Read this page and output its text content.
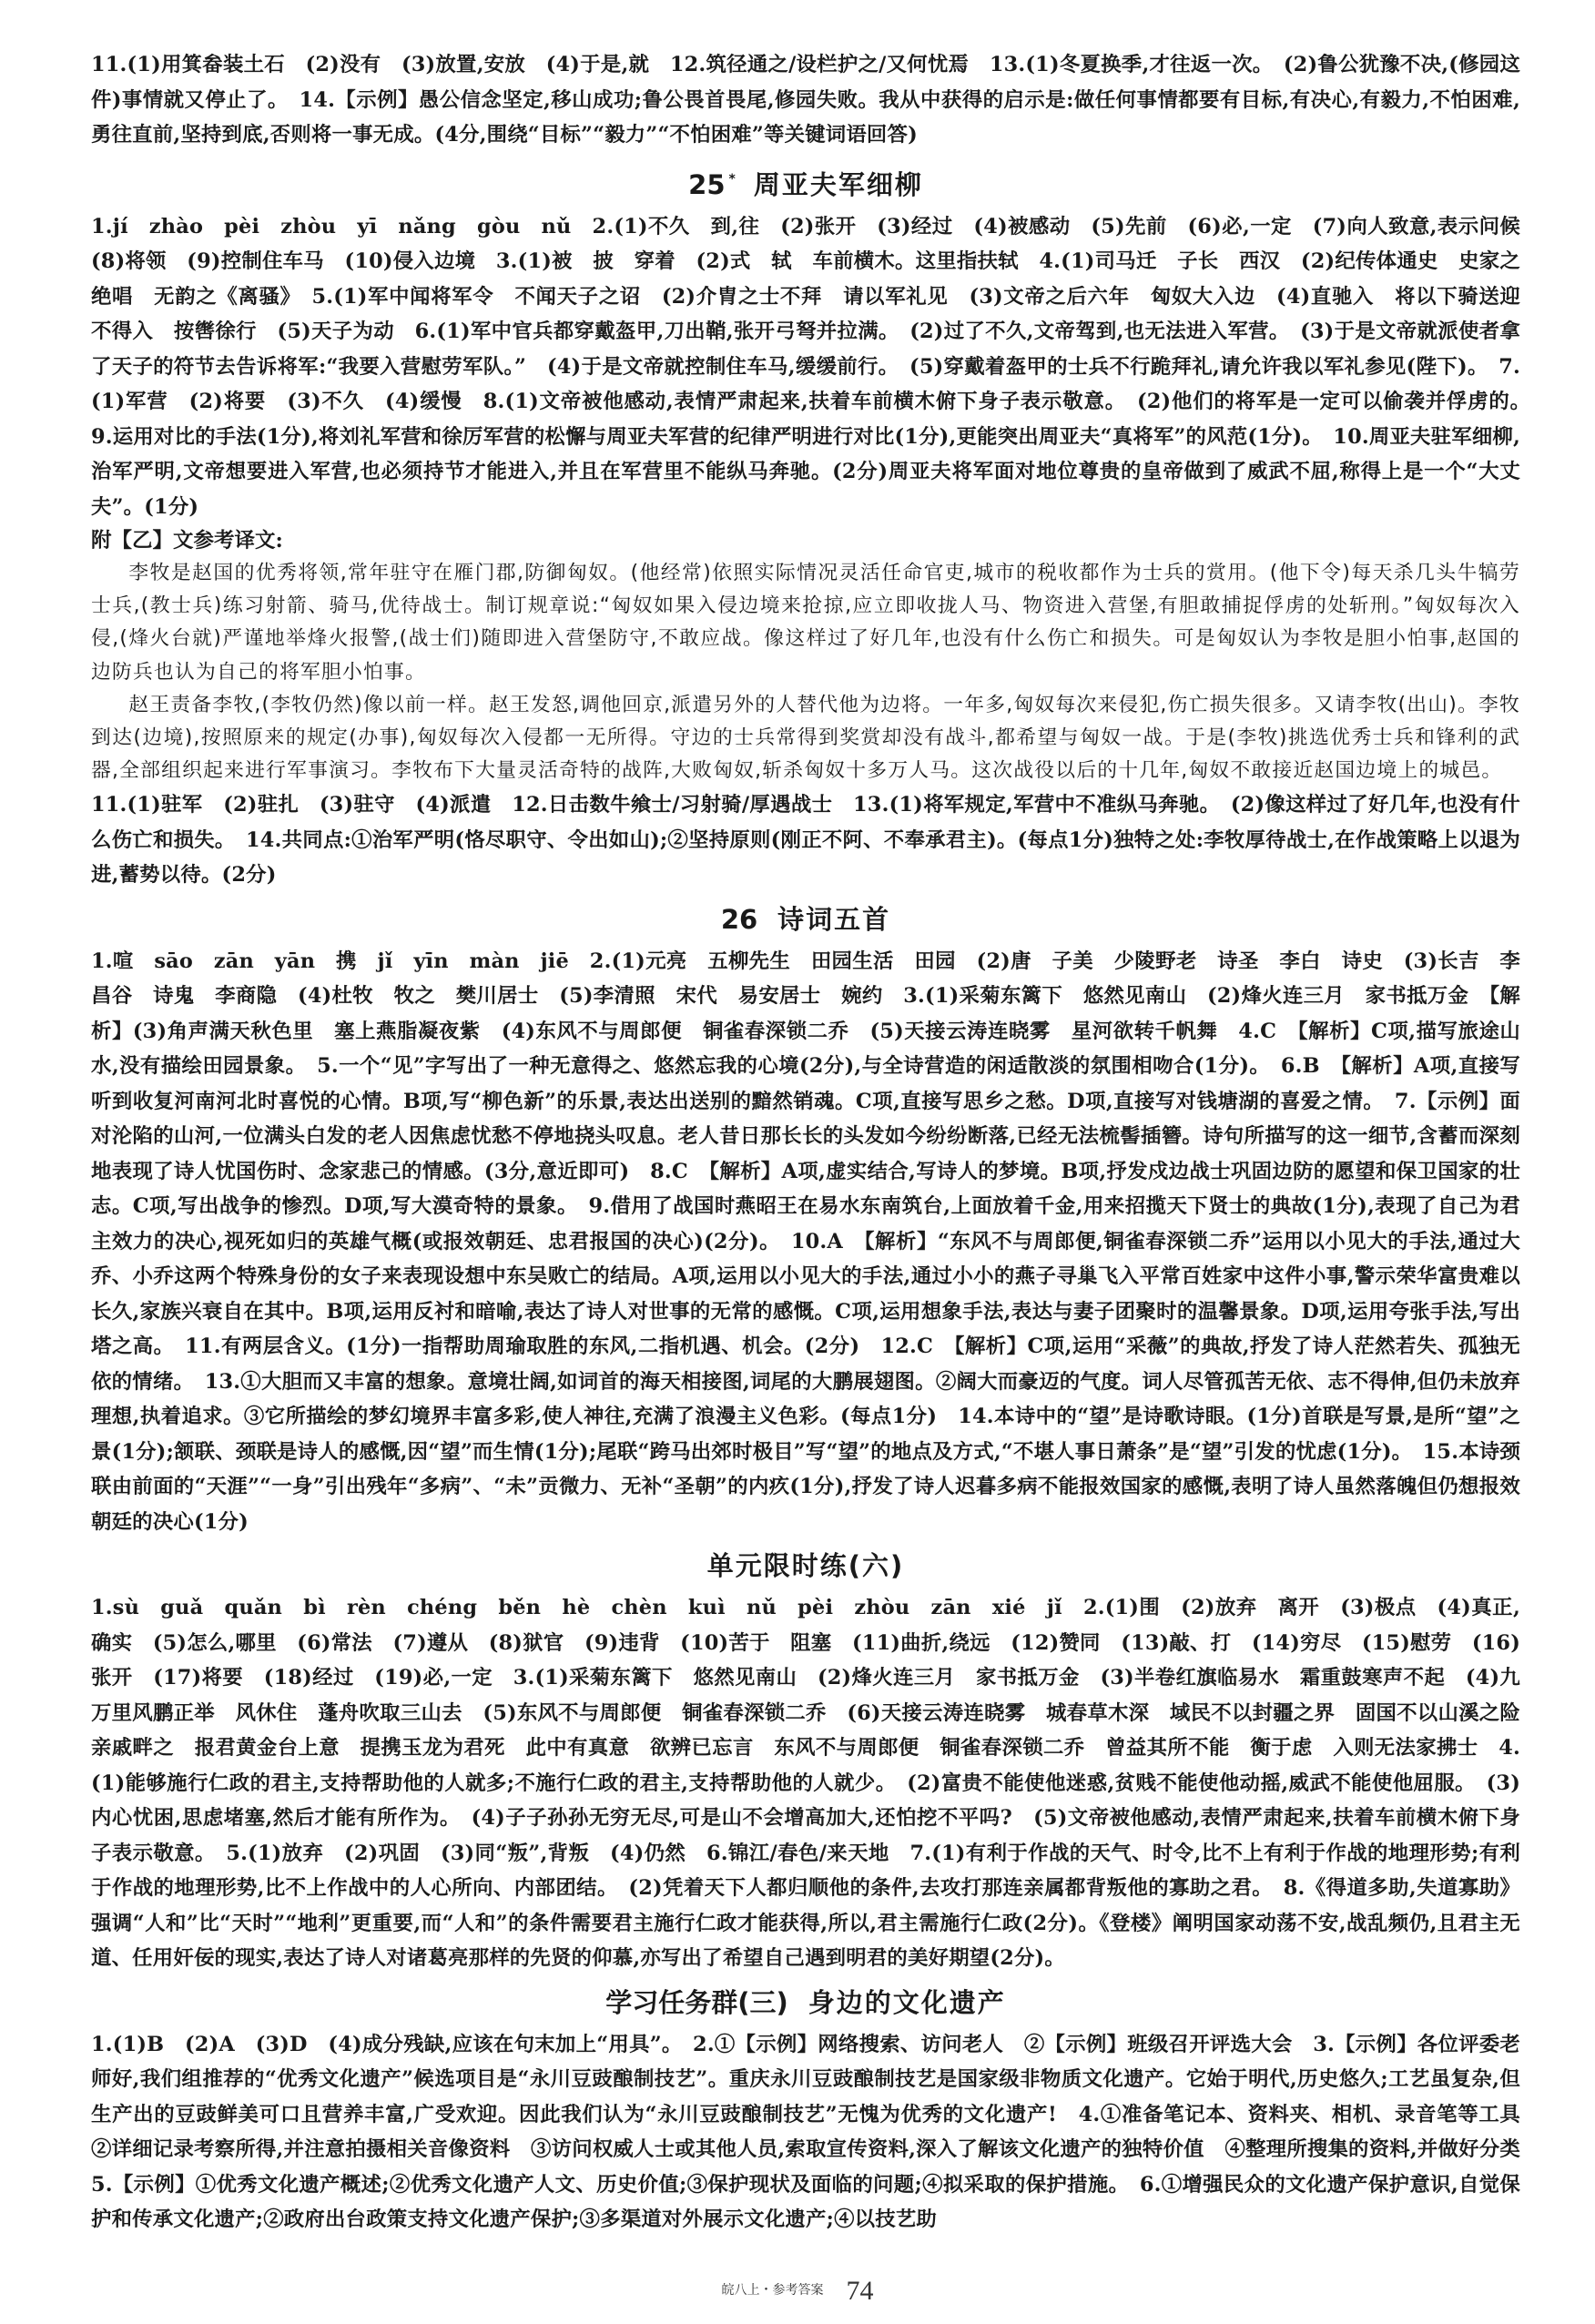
11.(1)用箕畚装土石　(2)没有　(3)放置,安放　(4)于是,就　12.筑径通之/设栏护之/又何忧焉　13.(1)冬夏换季,才往返一次。　(2)鲁公犹豫不决,(修园这件)事情就又停止了。　14.【示例】愚公信念坚定,移山成功;鲁公畏首畏尾,修园失败。我从中获得的启示是:做任何事情都要有目标,有决心,有毅力,不怕困难,勇往直前,坚持到底,否则将一事无成。(4分,围绕“目标”“毅力”“不怕困难”等关键词语回答)

25 * 周亚夫军细柳

1.jí　zhào　pèi　zhòu　yī　nǎng　gòu　nǔ　2.(1)不久　到,往　(2)张开　(3)经过　(4)被感动　(5)先前　(6)必,一定　(7)向人致意,表示问候　(8)将领　(9)控制住车马　(10)侵入边境　3.(1)被　披　穿着　(2)式　轼　车前横木。这里指扶轼　4.(1)司马迁　子长　西汉　(2)纪传体通史　史家之绝唱　无韵之《离骚》　5.(1)军中闻将军令　不闻天子之诏　(2)介胄之士不拜　请以军礼见　(3)文帝之后六年　匈奴大入边　(4)直驰入　将以下骑送迎　不得入　按辔徐行　(5)天子为动　6.(1)军中官兵都穿戴盔甲,刀出鞘,张开弓弩并拉满。　(2)过了不久,文帝驾到,也无法进入军营。　(3)于是文帝就派使者拿了天子的符节去告诉将军:“我要入营慰劳军队。”　(4)于是文帝就控制住车马,缓缓前行。　(5)穿戴着盔甲的士兵不行跪拜礼,请允许我以军礼参见(陛下)。　7.(1)军营　(2)将要　(3)不久　(4)缓慢　8.(1)文帝被他感动,表情严肃起来,扶着车前横木俯下身子表示敬意。　(2)他们的将军是一定可以偷袭并俘虏的。　9.运用对比的手法(1分),将刘礼军营和徐厉军营的松懈与周亚夫军营的纪律严明进行对比(1分),更能突出周亚夫“真将军”的风范(1分)。　10.周亚夫驻军细柳,治军严明,文帝想要进入军营,也必须持节才能进入,并且在军营里不能纵马奔驰。(2分)周亚夫将军面对地位尊贵的皇帝做到了威武不屈,称得上是一个“大丈夫”。(1分)

附【乙】文参考译文:

李牧是赵国的优秀将领,常年驻守在雁门郡,防御匈奴。(他经常)依照实际情况灵活任命官吏,城市的税收都作为士兵的赏用。(他下令)每天杀几头牛犒劳士兵,(教士兵)练习射箭、骑马,优待战士。制订规章说:“匈奴如果入侵边境来抢掠,应立即收拢人马、物资进入营堡,有胆敢捕捉俘虏的处斩刑。”匈奴每次入侵,(烽火台就)严谨地举烽火报警,(战士们)随即进入营堡防守,不敢应战。像这样过了好几年,也没有什么伤亡和损失。可是匈奴认为李牧是胆小怕事,赵国的边防兵也认为自己的将军胆小怕事。

赵王责备李牧,(李牧仍然)像以前一样。赵王发怒,调他回京,派遣另外的人替代他为边将。一年多,匈奴每次来侵犯,伤亡损失很多。又请李牧(出山)。李牧到达(边境),按照原来的规定(办事),匈奴每次入侵都一无所得。守边的士兵常得到奖赏却没有战斗,都希望与匈奴一战。于是(李牧)挑选优秀士兵和锋利的武器,全部组织起来进行军事演习。李牧布下大量灵活奇特的战阵,大败匈奴,斩杀匈奴十多万人马。这次战役以后的十几年,匈奴不敢接近赵国边境上的城邑。

11.(1)驻军　(2)驻扎　(3)驻守　(4)派遣　12.日击数牛飨士/习射骑/厚遇战士　13.(1)将军规定,军营中不准纵马奔驰。　(2)像这样过了好几年,也没有什么伤亡和损失。　14.共同点:①治军严明(恪尽职守、令出如山);②坚持原则(刚正不阿、不奉承君主)。(每点1分)独特之处:李牧厚待战士,在作战策略上以退为进,蓄势以待。(2分)

26 诗词五首

1.喧　sāo　zān　yān　携　jǐ　yīn　màn　jiē　2.(1)元亮　五柳先生　田园生活　田园　(2)唐　子美　少陵野老　诗圣　李白　诗史　(3)长吉　李昌谷　诗鬼　李商隐　(4)杜牧　牧之　樊川居士　(5)李清照　宋代　易安居士　婉约　3.(1)采菊东篱下　悠然见南山　(2)烽火连三月　家书抵万金　【解析】(3)角声满天秋色里　塞上燕脂凝夜紫　(4)东风不与周郎便　铜雀春深锁二乔　(5)天接云涛连晓雾　星河欲转千帆舞　4.C　【解析】C项,描写旅途山水,没有描绘田园景象。　5.一个“见”字写出了一种无意得之、悠然忘我的心境(2分),与全诗营造的闲适散淡的氛围相吻合(1分)。　6.B　【解析】A项,直接写听到收复河南河北时喜悦的心情。B项,写“柳色新”的乐景,表达出送别的黯然销魂。C项,直接写思乡之愁。D项,直接写对钱塘湖的喜爱之情。　7.【示例】面对沦陷的山河,一位满头白发的老人因焦虑忧愁不停地挠头叹息。老人昔日那长长的头发如今纷纷断落,已经无法梳髻插簪。诗句所描写的这一细节,含蓄而深刻地表现了诗人忧国伤时、念家悲己的情感。(3分,意近即可)　8.C　【解析】A项,虚实结合,写诗人的梦境。B项,抒发戍边战士巩固边防的愿望和保卫国家的壮志。C项,写出战争的惨烈。D项,写大漠奇特的景象。　9.借用了战国时燕昭王在易水东南筑台,上面放着千金,用来招揽天下贤士的典故(1分),表现了自己为君主效力的决心,视死如归的英雄气概(或报效朝廷、忠君报国的决心)(2分)。　10.A　【解析】“东风不与周郎便,铜雀春深锁二乔”运用以小见大的手法,通过大乔、小乔这两个特殊身份的女子来表现设想中东吴败亡的结局。A项,运用以小见大的手法,通过小小的燕子寻巢飞入平常百姓家中这件小事,警示荣华富贵难以长久,家族兴衰自在其中。B项,运用反衬和暗喻,表达了诗人对世事的无常的感慨。C项,运用想象手法,表达与妻子团聚时的温馨景象。D项,运用夸张手法,写出塔之高。　11.有两层含义。(1分)一指帮助周瑜取胜的东风,二指机遇、机会。(2分)　12.C　【解析】C项,运用“采薇”的典故,抒发了诗人茫然若失、孤独无依的情绪。　13.①大胆而又丰富的想象。意境壮阔,如词首的海天相接图,词尾的大鹏展翅图。②阔大而豪迈的气度。词人尽管孤苦无依、志不得伸,但仍未放弃理想,执着追求。③它所描绘的梦幻境界丰富多彩,使人神往,充满了浪漫主义色彩。(每点1分)　14.本诗中的“望”是诗歌诗眼。(1分)首联是写景,是所“望”之景(1分);颔联、颈联是诗人的感慨,因“望”而生情(1分);尾联“跨马出郊时极目”写“望”的地点及方式,“不堪人事日萧条”是“望”引发的忧虑(1分)。　15.本诗颈联由前面的“天涯”“一身”引出残年“多病”、“未”贡微力、无补“圣朝”的内疚(1分),抒发了诗人迟暮多病不能报效国家的感慨,表明了诗人虽然落魄但仍想报效朝廷的决心(1分)

单元限时练(六)

1.sù　guǎ　quǎn　bì　rèn　chéng　běn　hè　chèn　kuì　nǔ　pèi　zhòu　zān　xié　jǐ　2.(1)围　(2)放弃　离开　(3)极点　(4)真正,确实　(5)怎么,哪里　(6)常法　(7)遵从　(8)狱官　(9)违背　(10)苦于　阻塞　(11)曲折,绕远　(12)赞同　(13)敲、打　(14)穷尽　(15)慰劳　(16)张开　(17)将要　(18)经过　(19)必,一定　3.(1)采菊东篱下　悠然见南山　(2)烽火连三月　家书抵万金　(3)半卷红旗临易水　霜重鼓寒声不起　(4)九万里风鹏正举　风休住　蓬舟吹取三山去　(5)东风不与周郎便　铜雀春深锁二乔　(6)天接云涛连晓雾　城春草木深　域民不以封疆之界　固国不以山溪之险　亲戚畔之　报君黄金台上意　提携玉龙为君死　此中有真意　欲辨已忘言　东风不与周郎便　铜雀春深锁二乔　曾益其所不能　衡于虑　入则无法家拂士　4.(1)能够施行仁政的君主,支持帮助他的人就多;不施行仁政的君主,支持帮助他的人就少。　(2)富贵不能使他迷惑,贫贱不能使他动摇,威武不能使他屈服。　(3)内心忧困,思虑堵塞,然后才能有所作为。　(4)子子孙孙无穷无尽,可是山不会增高加大,还怕挖不平吗?　(5)文帝被他感动,表情严肃起来,扶着车前横木俯下身子表示敬意。　5.(1)放弃　(2)巩固　(3)同“叛”,背叛　(4)仍然　6.锦江/春色/来天地　7.(1)有利于作战的天气、时令,比不上有利于作战的地理形势;有利于作战的地理形势,比不上作战中的人心所向、内部团结。　(2)凭着天下人都归顺他的条件,去攻打那连亲属都背叛他的寡助之君。　8.《得道多助,失道寡助》强调“人和”比“天时”“地利”更重要,而“人和”的条件需要君主施行仁政才能获得,所以,君主需施行仁政(2分)。《登楼》阐明国家动荡不安,战乱频仍,且君主无道、任用奸佞的现实,表达了诗人对诸葛亮那样的先贤的仰慕,亦写出了希望自己遇到明君的美好期望(2分)。

学习任务群(三) 身边的文化遗产

1.(1)B　(2)A　(3)D　(4)成分残缺,应该在句末加上“用具”。　2.①【示例】网络搜索、访问老人　②【示例】班级召开评选大会　3.【示例】各位评委老师好,我们组推荐的“优秀文化遗产”候选项目是“永川豆豉酿制技艺”。重庆永川豆豉酿制技艺是国家级非物质文化遗产。它始于明代,历史悠久;工艺虽复杂,但生产出的豆豉鲜美可口且营养丰富,广受欢迎。因此我们认为“永川豆豉酿制技艺”无愧为优秀的文化遗产!　4.①准备笔记本、资料夹、相机、录音笔等工具　②详细记录考察所得,并注意拍摄相关音像资料　③访问权威人士或其他人员,索取宣传资料,深入了解该文化遗产的独特价值　④整理所搜集的资料,并做好分类　5.【示例】①优秀文化遗产概述;②优秀文化遗产人文、历史价值;③保护现状及面临的问题;④拟采取的保护措施。　6.①增强民众的文化遗产保护意识,自觉保护和传承文化遗产;②政府出台政策支持文化遗产保护;③多渠道对外展示文化遗产;④以技艺助

皖八上・参考答案 74
